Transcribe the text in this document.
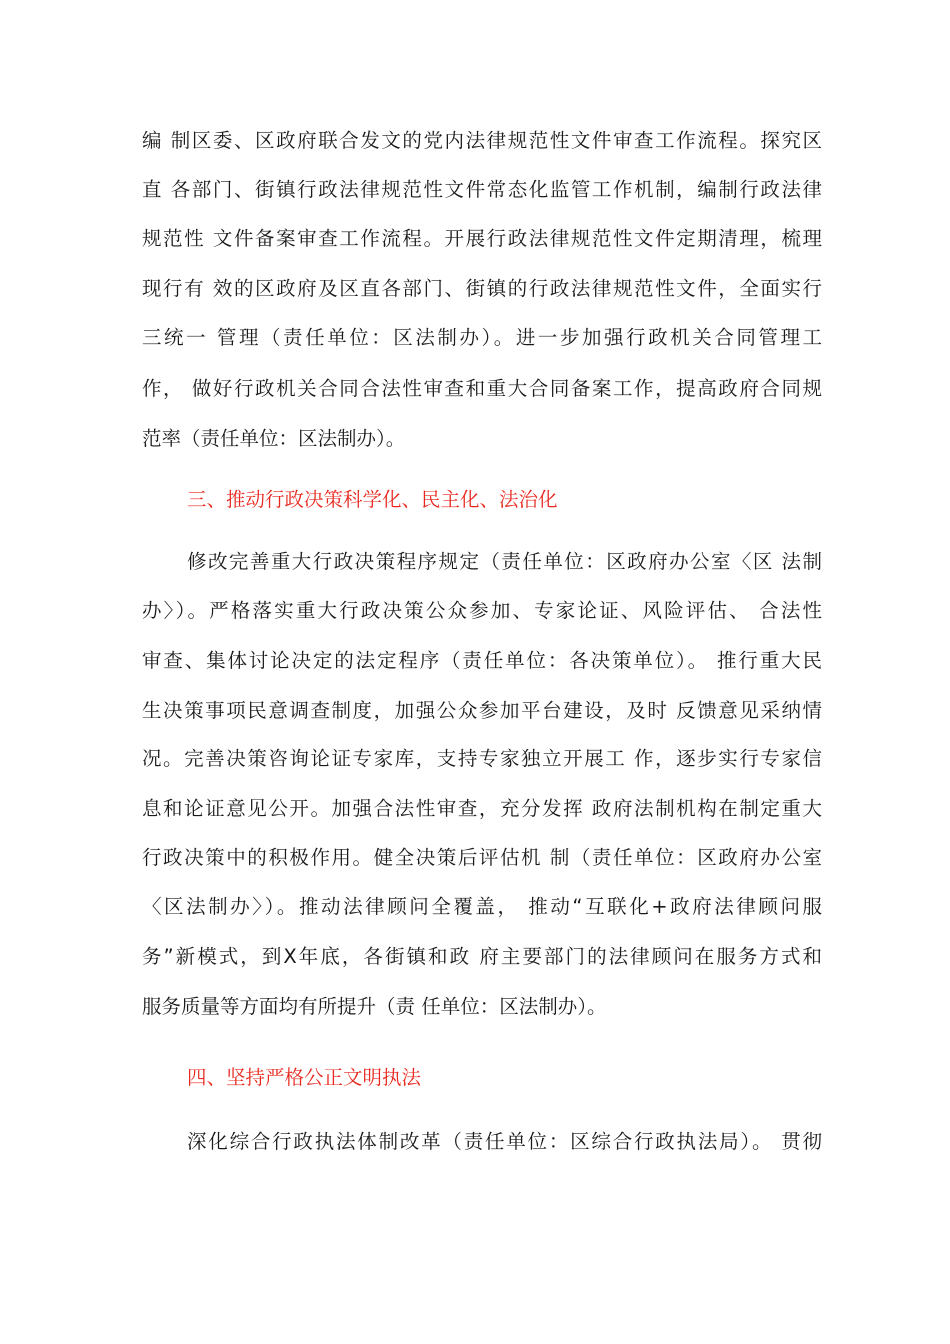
编 制区委、区政府联合发文的党内法律规范性文件审查工作流程。探究区
直 各部门、街镇行政法律规范性文件常态化监管工作机制，编制行政法律
规范性 文件备案审查工作流程。开展行政法律规范性文件定期清理，梳理
现行有 效的区政府及区直各部门、街镇的行政法律规范性文件，全面实行
三统一 管理（责任单位：区法制办）。进一步加强行政机关合同管理工
作， 做好行政机关合同合法性审查和重大合同备案工作，提高政府合同规
范率（责任单位：区法制办）。
三、推动行政决策科学化、民主化、法治化
修改完善重大行政决策程序规定（责任单位：区政府办公室〈区 法制
办〉）。严格落实重大行政决策公众参加、专家论证、风险评估、 合法性
审查、集体讨论决定的法定程序（责任单位：各决策单位）。 推行重大民
生决策事项民意调查制度，加强公众参加平台建设，及时 反馈意见采纳情
况。完善决策咨询论证专家库，支持专家独立开展工 作，逐步实行专家信
息和论证意见公开。加强合法性审查，充分发挥 政府法制机构在制定重大
行政决策中的积极作用。健全决策后评估机 制（责任单位：区政府办公室
〈区法制办〉）。推动法律顾问全覆盖， 推动“互联化+政府法律顾问服
务”新模式，到X年底，各街镇和政 府主要部门的法律顾问在服务方式和
服务质量等方面均有所提升（责 任单位：区法制办）。
四、坚持严格公正文明执法
深化综合行政执法体制改革（责任单位：区综合行政执法局）。 贯彻
